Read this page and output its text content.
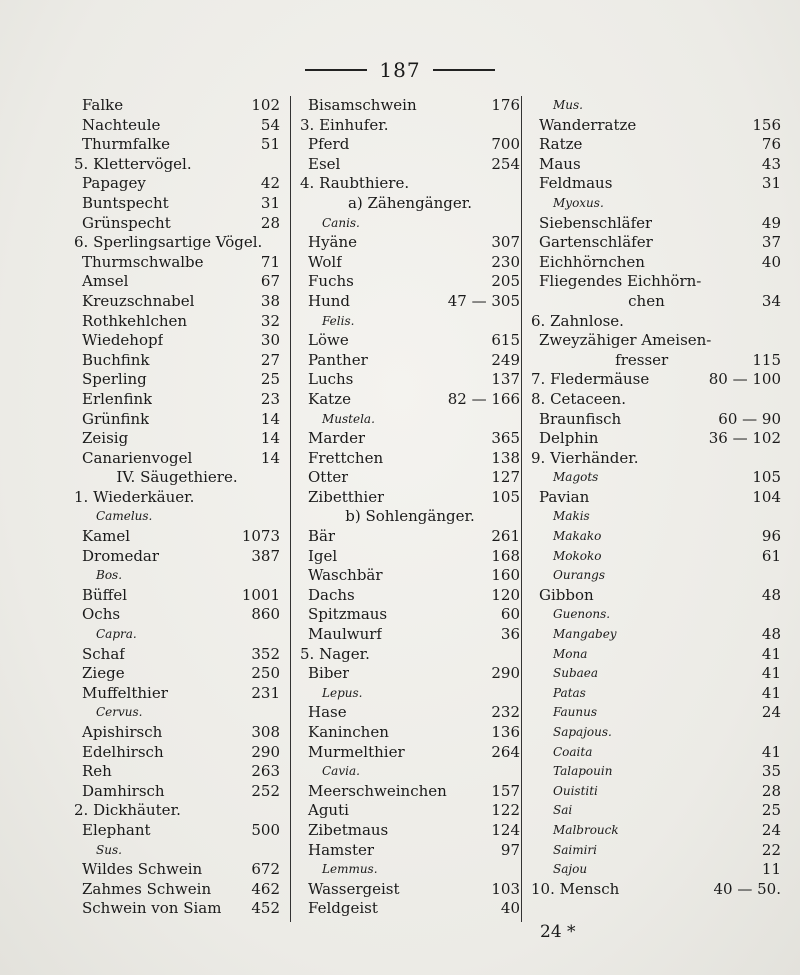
187
Falke	102
Nachteule	54
Thurmfalke	51
5. Klettervögel.
Papagey	42
Buntspecht	31
Grünspecht	28
6. Sperlingsartige Vögel.
Thurmschwalbe	71
Amsel	67
Kreuzschnabel	38
Rothkehlchen	32
Wiedehopf	30
Buchfink	27
Sperling	25
Erlenfink	23
Grünfink	14
Zeisig	14
Canarienvogel	14
IV. Säugethiere.
1. Wiederkäuer.
Camelus.
Kamel	1073
Dromedar	387
Bos.
Büffel	1001
Ochs	860
Capra.
Schaf	352
Ziege	250
Muffelthier	231
Cervus.
Apishirsch	308
Edelhirsch	290
Reh	263
Damhirsch	252
2. Dickhäuter.
Elephant	500
Sus.
Wildes Schwein	672
Zahmes Schwein	462
Schwein von Siam 452
Bisamschwein	176
3. Einhufer.
Pferd	700
Esel	254
4. Raubthiere.
a) Zähengänger.
Canis.
Hyäne	307
Wolf	230
Fuchs	205
Hund	47 — 305
Felis.
Löwe	615
Panther	249
Luchs	137
Katze	82 — 166
Mustela.
Marder	365
Frettchen	138
Otter	127
Zibetthier	105
b) Sohlengänger.
Bär	261
Igel	168
Waschbär	160
Dachs	120
Spitzmaus	60
Maulwurf	36
5. Nager.
Biber	290
Lepus.
Hase	232
Kaninchen	136
Murmelthier	264
Cavia.
Meerschweinchen	157
Aguti	122
Zibetmaus	124
Hamster	97
Lemmus.
Wassergeist	103
Feldgeist	40
Mus.
Wanderratze	156
Ratze	76
Maus	43
Feldmaus	31
Myoxus.
Siebenschläfer	49
Gartenschläfer	37
Eichhörnchen	40
Fliegendes Eichhörn-
chen	34
6. Zahnlose.
Zweyzähiger Ameisen-
fresser	115
7. Fledermäuse	80 — 100
8. Cetaceen.
Braunfisch	60 — 90
Delphin	36 — 102
9. Vierhänder.
Magots	105
Pavian	104
Makis
Makako	96
Mokoko	61
Ourangs
Gibbon	48
Guenons.
Mangabey	48
Mona	41
Subaea	41
Patas	41
Faunus	24
Sapajous.
Coaita	41
Talapouin	35
Ouistiti	28
Sai	25
Malbrouck	24
Saimiri	22
Sajou	11
10. Mensch	40 — 50.
24 *
